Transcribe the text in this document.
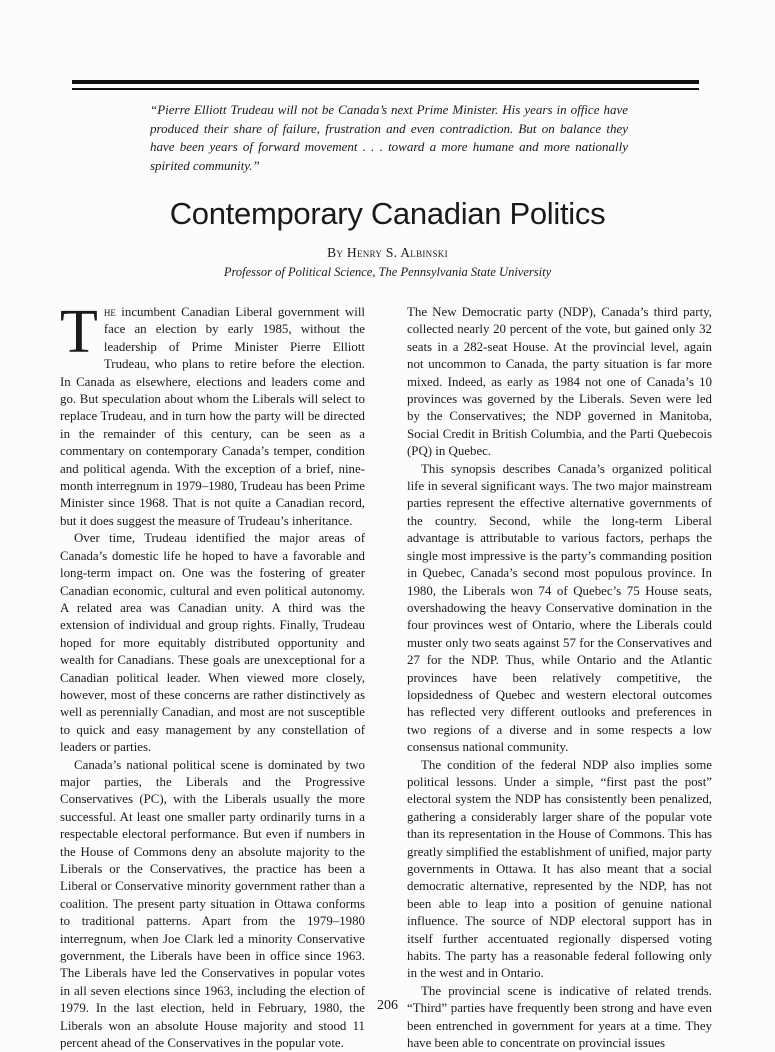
“Pierre Elliott Trudeau will not be Canada’s next Prime Minister. His years in office have produced their share of failure, frustration and even contradiction. But on balance they have been years of forward movement . . . toward a more humane and more nationally spirited community.”

Contemporary Canadian Politics
By Henry S. Albinski
Professor of Political Science, The Pennsylvania State University

The incumbent Canadian Liberal government will face an election by early 1985, without the leadership of Prime Minister Pierre Elliott Trudeau, who plans to retire before the election. In Canada as elsewhere, elections and leaders come and go. But speculation about whom the Liberals will select to replace Trudeau, and in turn how the party will be directed in the remainder of this century, can be seen as a commentary on contemporary Canada’s temper, condition and political agenda. With the exception of a brief, nine-month interregnum in 1979–1980, Trudeau has been Prime Minister since 1968. That is not quite a Canadian record, but it does suggest the measure of Trudeau’s inheritance.

Over time, Trudeau identified the major areas of Canada’s domestic life he hoped to have a favorable and long-term impact on. One was the fostering of greater Canadian economic, cultural and even political autonomy. A related area was Canadian unity. A third was the extension of individual and group rights. Finally, Trudeau hoped for more equitably distributed opportunity and wealth for Canadians. These goals are unexceptional for a Canadian political leader. When viewed more closely, however, most of these concerns are rather distinctively as well as perennially Canadian, and most are not susceptible to quick and easy management by any constellation of leaders or parties.

Canada’s national political scene is dominated by two major parties, the Liberals and the Progressive Conservatives (PC), with the Liberals usually the more successful. At least one smaller party ordinarily turns in a respectable electoral performance. But even if numbers in the House of Commons deny an absolute majority to the Liberals or the Conservatives, the practice has been a Liberal or Conservative minority government rather than a coalition. The present party situation in Ottawa conforms to traditional patterns. Apart from the 1979–1980 interregnum, when Joe Clark led a minority Conservative government, the Liberals have been in office since 1963. The Liberals have led the Conservatives in popular votes in all seven elections since 1963, including the election of 1979. In the last election, held in February, 1980, the Liberals won an absolute House majority and stood 11 percent ahead of the Conservatives in the popular vote.

The New Democratic party (NDP), Canada’s third party, collected nearly 20 percent of the vote, but gained only 32 seats in a 282-seat House. At the provincial level, again not uncommon to Canada, the party situation is far more mixed. Indeed, as early as 1984 not one of Canada’s 10 provinces was governed by the Liberals. Seven were led by the Conservatives; the NDP governed in Manitoba, Social Credit in British Columbia, and the Parti Quebecois (PQ) in Quebec.

This synopsis describes Canada’s organized political life in several significant ways. The two major mainstream parties represent the effective alternative governments of the country. Second, while the long-term Liberal advantage is attributable to various factors, perhaps the single most impressive is the party’s commanding position in Quebec, Canada’s second most populous province. In 1980, the Liberals won 74 of Quebec’s 75 House seats, overshadowing the heavy Conservative domination in the four provinces west of Ontario, where the Liberals could muster only two seats against 57 for the Conservatives and 27 for the NDP. Thus, while Ontario and the Atlantic provinces have been relatively competitive, the lopsidedness of Quebec and western electoral outcomes has reflected very different outlooks and preferences in two regions of a diverse and in some respects a low consensus national community.

The condition of the federal NDP also implies some political lessons. Under a simple, “first past the post” electoral system the NDP has consistently been penalized, gathering a considerably larger share of the popular vote than its representation in the House of Commons. This has greatly simplified the establishment of unified, major party governments in Ottawa. It has also meant that a social democratic alternative, represented by the NDP, has not been able to leap into a position of genuine national influence. The source of NDP electoral support has in itself further accentuated regionally dispersed voting habits. The party has a reasonable federal following only in the west and in Ontario.

The provincial scene is indicative of related trends. “Third” parties have frequently been strong and have even been entrenched in government for years at a time. They have been able to concentrate on provincial issues

206
